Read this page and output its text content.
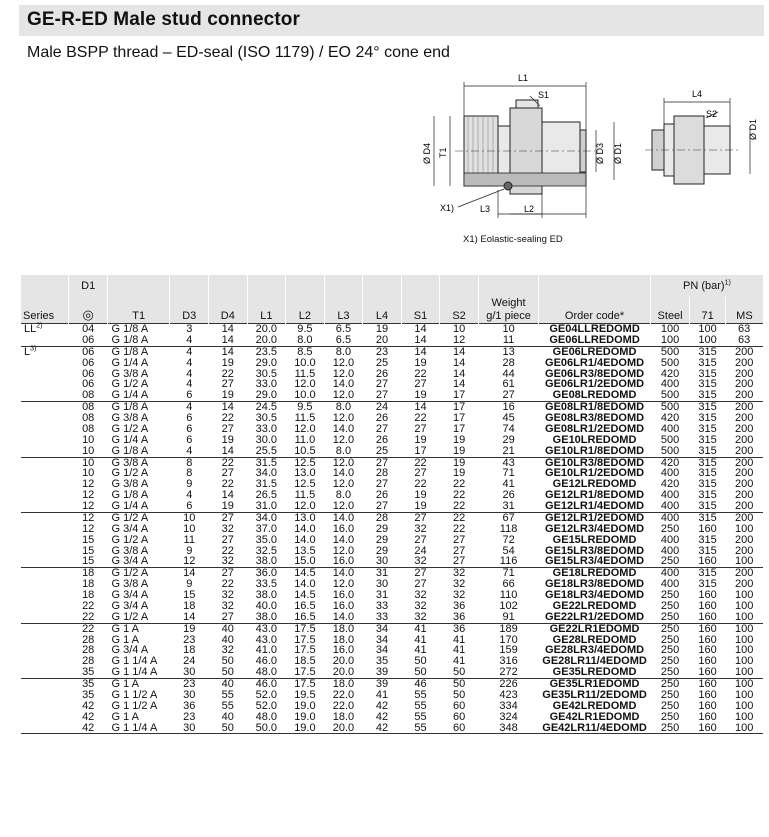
GE-R-ED Male stud connector
Male BSPP thread – ED-seal (ISO 1179) / EO 24° cone end
L1
S1
Ø D4 T1	Ø D3 Ø D1
X1)	L3	L2
L4
S2
Ø D1
X1) Eolastic-sealing ED
	D1												PN (bar)$^{1)}$
Series	◎	T1	D3	D4	L1	L2	L3	L4	S1	S2	Weight
g/1 piece	Order code*	Steel	71	MS
LL$^{2)}$	04	G 1/8 A	3	14	20.0	9.5	6.5	19	14	10	10	GE04LLREDOMD	100	100	63
	06	G 1/8 A	4	14	20.0	8.0	6.5	20	14	12	11	GE06LLREDOMD	100	100	63
$L^{3)}$	06	G 1/8 A	4	14	23.5	8.5	8.0	23	14	14	13	GE06LREDOMD	500	315	200
	06	G 1/4 A	4	19	29.0	10.0	12.0	25	19	14	28	GE06LR1/4EDOMD	500	315	200
	06	G 3/8 A	4	22	30.5	11.5	12.0	26	22	14	44	GE06LR3/8EDOMD	420	315	200
	06	G 1/2 A	4	27	33.0	12.0	14.0	27	27	14	61	GE06LR1/2EDOMD	400	315	200
	08	G 1/4 A	6	19	29.0	10.0	12.0	27	19	17	27	GE08LREDOMD	500	315	200
	08	G 1/8 A	4	14	24.5	9.5	8.0	24	14	17	16	GE08LR1/8EDOMD	500	315	200
	08	G 3/8 A	6	22	30.5	11.5	12.0	26	22	17	45	GE08LR3/8EDOMD	420	315	200
	08	G 1/2 A	6	27	33.0	12.0	14.0	27	27	17	74	GE08LR1/2EDOMD	400	315	200
	10	G 1/4 A	6	19	30.0	11.0	12.0	26	19	19	29	GE10LREDOMD	500	315	200
	10	G 1/8 A	4	14	25.5	10.5	8.0	25	17	19	21	GE10LR1/8EDOMD	500	315	200
	10	G 3/8 A	8	22	31.5	12.5	12.0	27	22	19	43	GE10LR3/8EDOMD	420	315	200
	10	G 1/2 A	8	27	34.0	13.0	14.0	28	27	19	71	GE10LR1/2EDOMD	400	315	200
	12	G 3/8 A	9	22	31.5	12.5	12.0	27	22	22	41	GE12LREDOMD	420	315	200
	12	G 1/8 A	4	14	26.5	11.5	8.0	26	19	22	26	GE12LR1/8EDOMD	400	315	200
	12	G 1/4 A	6	19	31.0	12.0	12.0	27	19	22	31	GE12LR1/4EDOMD	400	315	200
	12	G 1/2 A	10	27	34.0	13.0	14.0	28	27	22	67	GE12LR1/2EDOMD	400	315	200
	12	G 3/4 A	10	32	37.0	14.0	16.0	29	32	22	118	GE12LR3/4EDOMD	250	160	100
	15	G 1/2 A	11	27	35.0	14.0	14.0	29	27	27	72	GE15LREDOMD	400	315	200
	15	G 3/8 A	9	22	32.5	13.5	12.0	29	24	27	54	GE15LR3/8EDOMD	400	315	200
	15	G 3/4 A	12	32	38.0	15.0	16.0	30	32	27	116	GE15LR3/4EDOMD	250	160	100
	18	G 1/2 A	14	27	36.0	14.5	14.0	31	27	32	71	GE18LREDOMD	400	315	200
	18	G 3/8 A	9	22	33.5	14.0	12.0	30	27	32	66	GE18LR3/8EDOMD	400	315	200
	18	G 3/4 A	15	32	38.0	14.5	16.0	31	32	32	110	GE18LR3/4EDOMD	250	160	100
	22	G 3/4 A	18	32	40.0	16.5	16.0	33	32	36	102	GE22LREDOMD	250	160	100
	22	G 1/2 A	14	27	38.0	16.5	14.0	33	32	36	91	GE22LR1/2EDOMD	250	160	100
	22	G 1 A	19	40	43.0	17.5	18.0	34	41	36	189	GE22LR1EDOMD	250	160	100
	28	G 1 A	23	40	43.0	17.5	18.0	34	41	41	170	GE28LREDOMD	250	160	100
	28	G 3/4 A	18	32	41.0	17.5	16.0	34	41	41	159	GE28LR3/4EDOMD	250	160	100
	28	G 1 1/4 A	24	50	46.0	18.5	20.0	35	50	41	316	GE28LR11/4EDOMD	250	160	100
	35	G 1 1/4 A	30	50	48.0	17.5	20.0	39	50	50	272	GE35LREDOMD	250	160	100
	35	G 1 A	23	40	46.0	17.5	18.0	39	46	50	226	GE35LR1EDOMD	250	160	100
	35	G 1 1/2 A	30	55	52.0	19.5	22.0	41	55	50	423	GE35LR11/2EDOMD	250	160	100
	42	G 1 1/2 A	36	55	52.0	19.0	22.0	42	55	60	334	GE42LREDOMD	250	160	100
	42	G 1 A	23	40	48.0	19.0	18.0	42	55	60	324	GE42LR1EDOMD	250	160	100
	42	G 1 1/4 A	30	50	50.0	19.0	20.0	42	55	60	348	GE42LR11/4EDOMD	250	160	100
